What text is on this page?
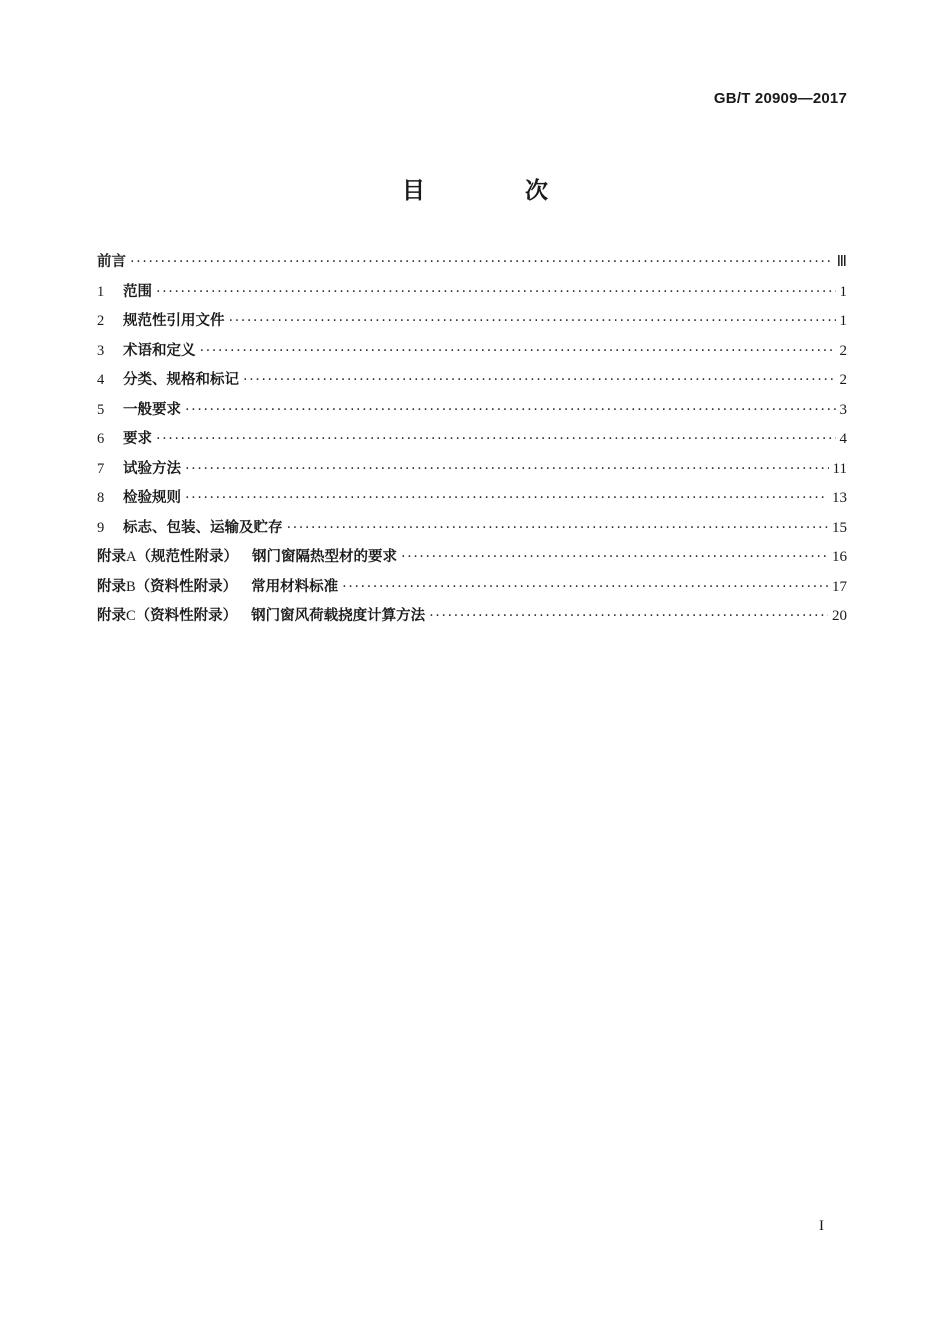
GB/T 20909—2017
目 次
前言 ·····	Ⅲ
1	范围 ·····	1
2	规范性引用文件 ·····	1
3	术语和定义 ·····	2
4	分类、规格和标记 ·····	2
5	一般要求 ·····	3
6	要求 ·····	4
7	试验方法 ·····	11
8	检验规则 ·····	13
9	标志、包装、运输及贮存 ·····	15
附录 A （规范性附录） 钢门窗隔热型材的要求 ·····	16
附录 B （资料性附录） 常用材料标准 ·····	17
附录 C （资料性附录） 钢门窗风荷载挠度计算方法 ·····	20
I
